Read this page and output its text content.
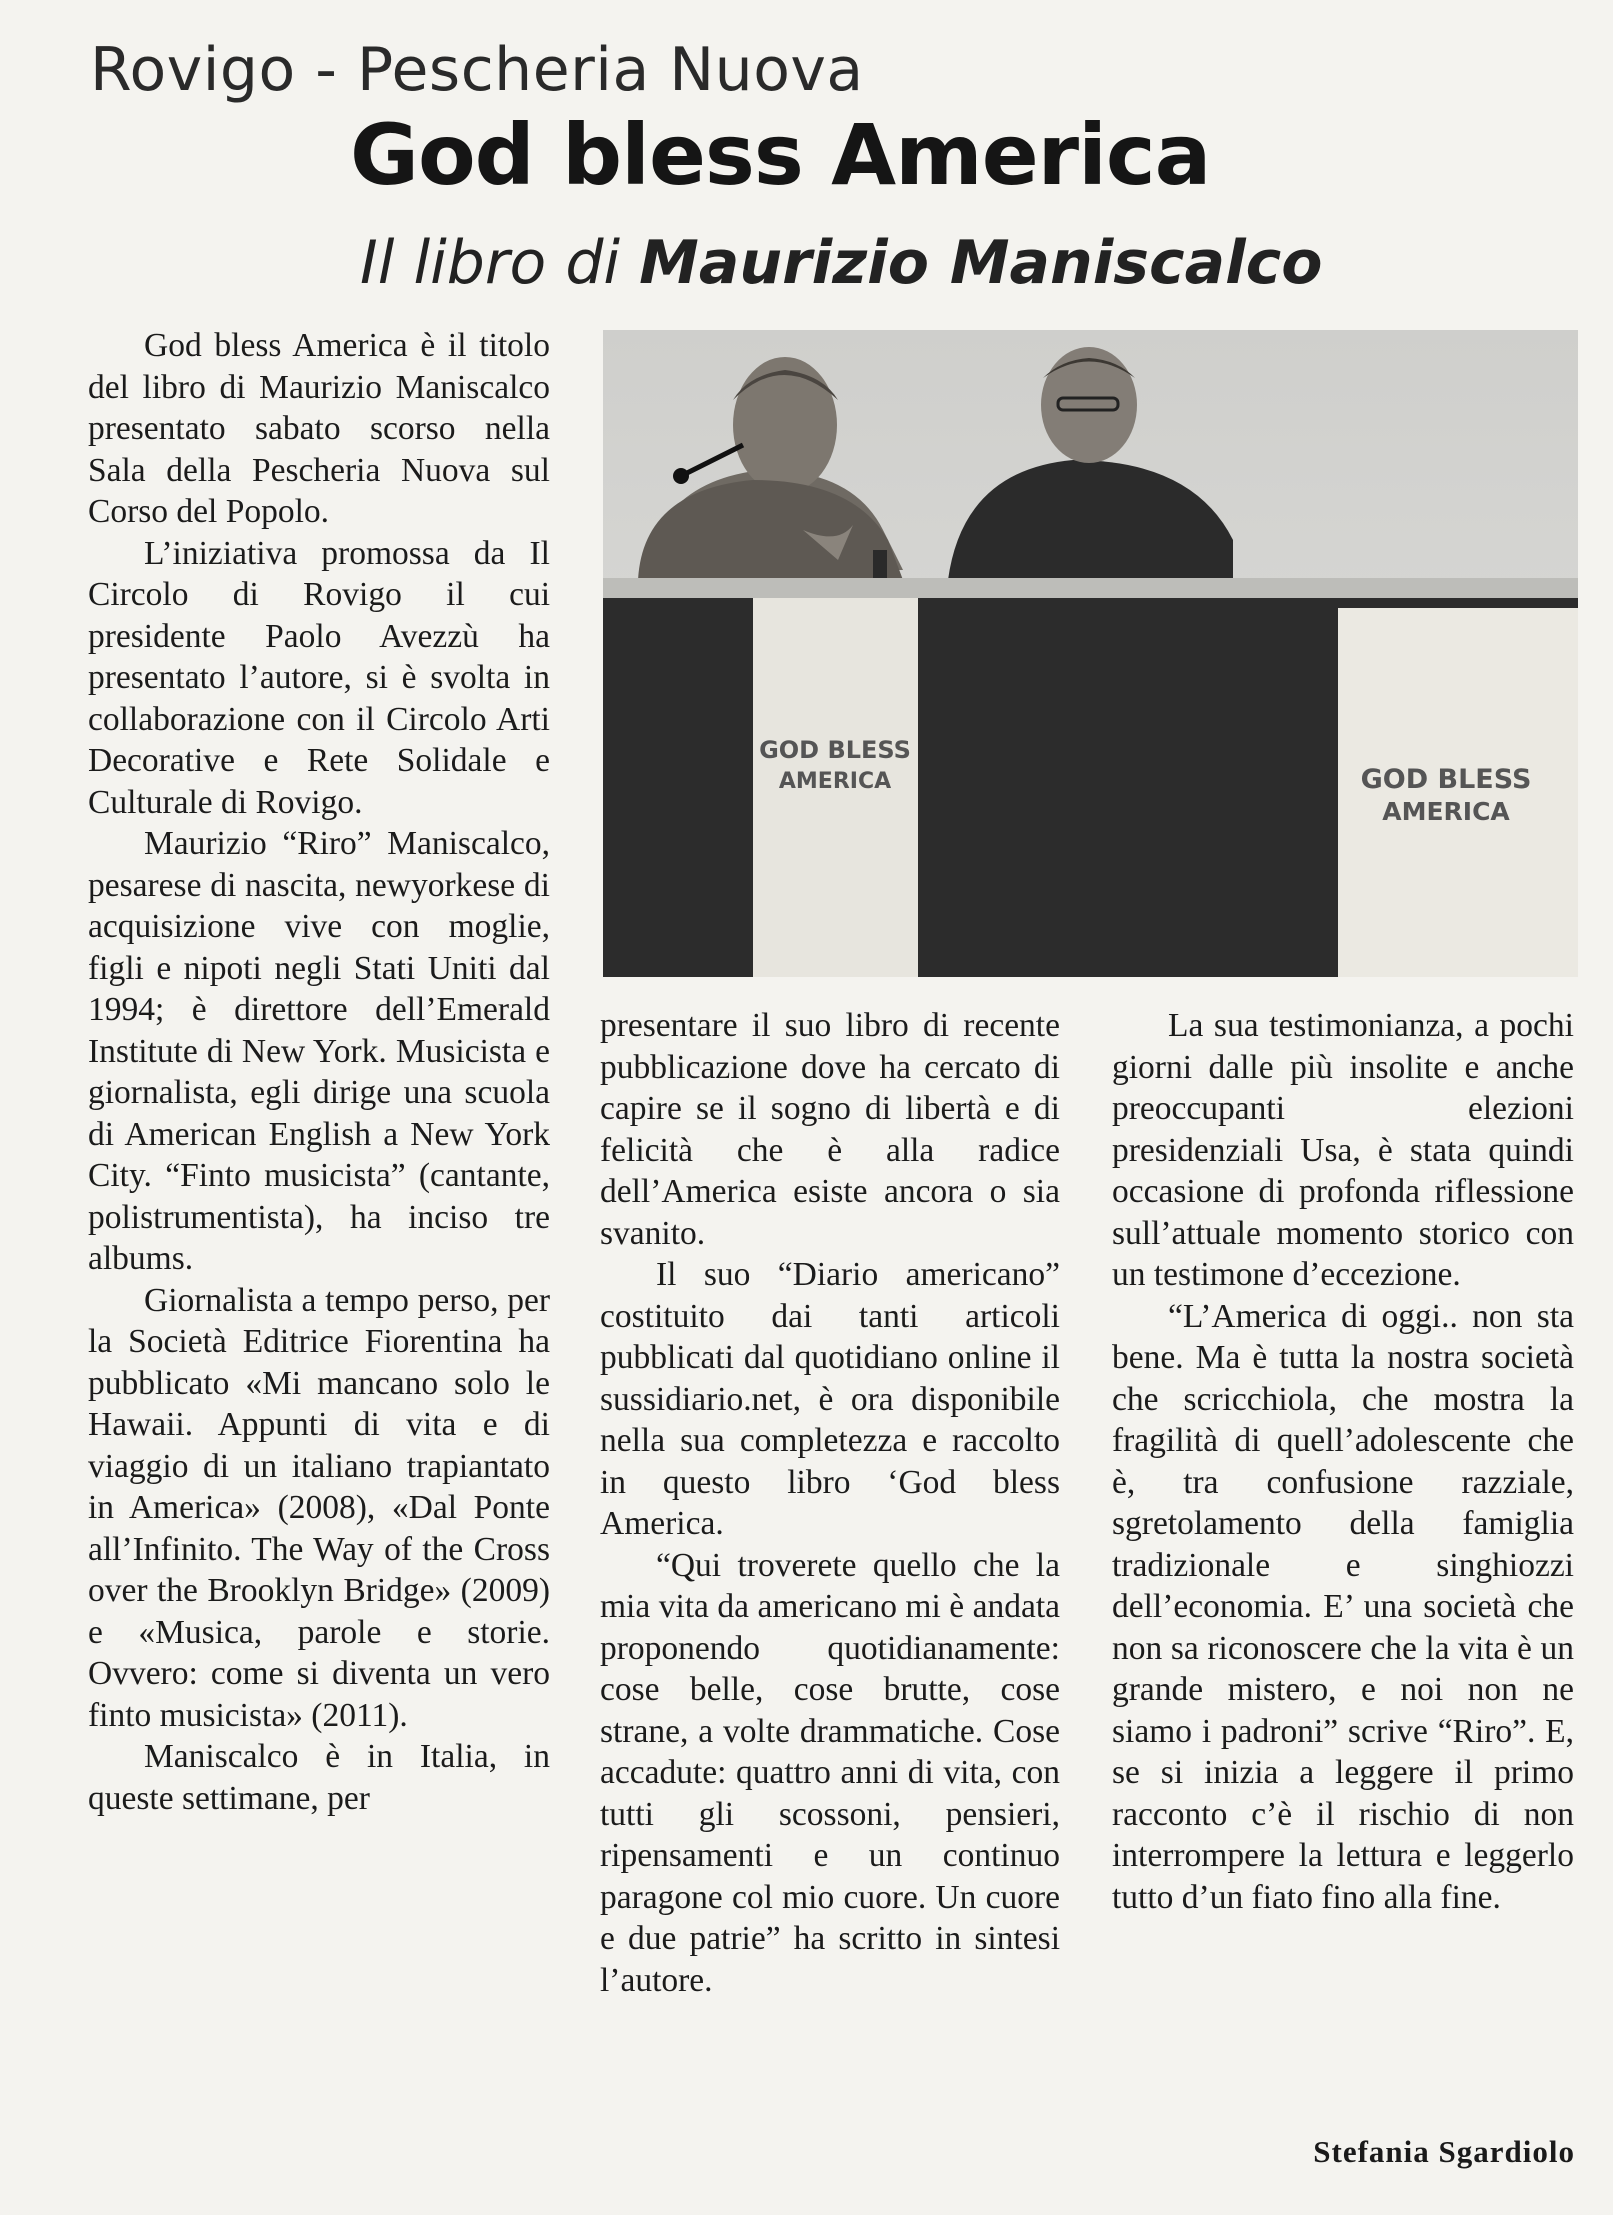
Rovigo - Pescheria Nuova
God bless America
Il libro di Maurizio Maniscalco
GOD BLESS
AMERICA	GOD BLESS
AMERICA

God bless America è il titolo del libro di Maurizio Maniscalco presentato sabato scorso nella Sala della Pescheria Nuova sul Corso del Popolo.

L’iniziativa promossa da Il Circolo di Rovigo il cui presidente Paolo Avezzù ha presentato l’autore, si è svolta in collaborazione con il Circolo Arti Decorative e Rete Solidale e Culturale di Rovigo.

Maurizio “Riro” Maniscalco, pesarese di nascita, newyorkese di acquisizione vive con moglie, figli e nipoti negli Stati Uniti dal 1994; è direttore dell’Emerald Institute di New York. Musicista e giornalista, egli dirige una scuola di American English a New York City. “Finto musicista” (cantante, polistrumentista), ha inciso tre albums.

Giornalista a tempo perso, per la Società Editrice Fiorentina ha pubblicato «Mi mancano solo le Hawaii. Appunti di vita e di viaggio di un italiano trapiantato in America» (2008), «Dal Ponte all’Infinito. The Way of the Cross over the Brooklyn Bridge» (2009) e «Musica, parole e storie. Ovvero: come si diventa un vero finto musicista» (2011).

Maniscalco è in Italia, in queste settimane, per

presentare il suo libro di recente pubblicazione dove ha cercato di capire se il sogno di libertà e di felicità che è alla radice dell’America esiste ancora o sia svanito.

Il suo “Diario americano” costituito dai tanti articoli pubblicati dal quotidiano online il sussidiario.net, è ora disponibile nella sua completezza e raccolto in questo libro ‘God bless America.

“Qui troverete quello che la mia vita da americano mi è andata proponendo quotidianamente: cose belle, cose brutte, cose strane, a volte drammatiche. Cose accadute: quattro anni di vita, con tutti gli scossoni, pensieri, ripensamenti e un continuo paragone col mio cuore. Un cuore e due patrie” ha scritto in sintesi l’autore.

La sua testimonianza, a pochi giorni dalle più insolite e anche preoccupanti elezioni presidenziali Usa, è stata quindi occasione di profonda riflessione sull’attuale momento storico con un testimone d’eccezione.

“L’America di oggi.. non sta bene. Ma è tutta la nostra società che scricchiola, che mostra la fragilità di quell’adolescente che è, tra confusione razziale, sgretolamento della famiglia tradizionale e singhiozzi dell’economia. E’ una società che non sa riconoscere che la vita è un grande mistero, e noi non ne siamo i padroni” scrive “Riro”. E, se si inizia a leggere il primo racconto c’è il rischio di non interrompere la lettura e leggerlo tutto d’un fiato fino alla fine.

Stefania Sgardiolo
